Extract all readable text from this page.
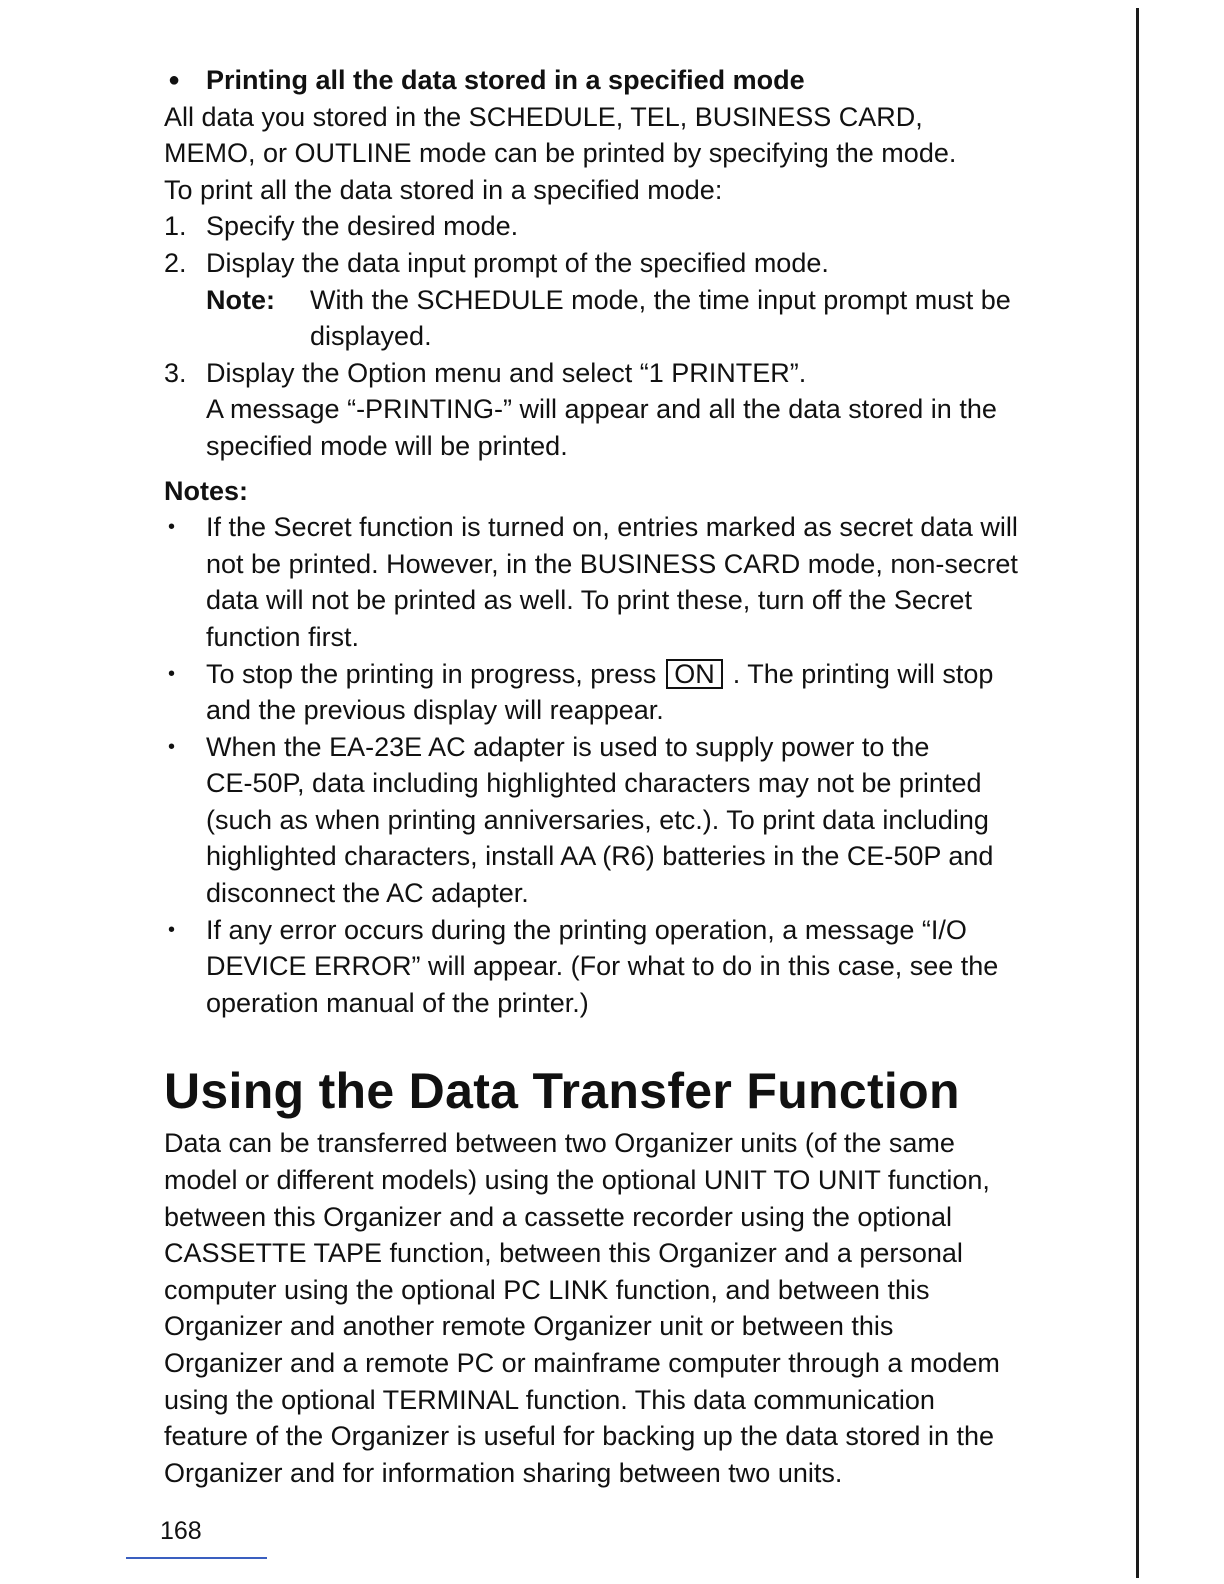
● Printing all the data stored in a specified mode

All data you stored in the SCHEDULE, TEL, BUSINESS CARD,

MEMO, or OUTLINE mode can be printed by specifying the mode.

To print all the data stored in a specified mode:

1. Specify the desired mode.
2. Display the data input prompt of the specified mode.
Note:	With the SCHEDULE mode, the time input prompt must be
displayed.
3. Display the Option menu and select “1 PRINTER”.
A message “-PRINTING-” will appear and all the data stored in the
specified mode will be printed.
Notes:
•	If the Secret function is turned on, entries marked as secret data will
not be printed. However, in the BUSINESS CARD mode, non-secret
data will not be printed as well. To print these, turn off the Secret
function first.
•	To stop the printing in progress, press ON . The printing will stop
and the previous display will reappear.
•	When the EA-23E AC adapter is used to supply power to the
CE-50P, data including highlighted characters may not be printed
(such as when printing anniversaries, etc.). To print data including
highlighted characters, install AA (R6) batteries in the CE-50P and
disconnect the AC adapter.
•	If any error occurs during the printing operation, a message “I/O
DEVICE ERROR” will appear. (For what to do in this case, see the
operation manual of the printer.)
Using the Data Transfer Function
Data can be transferred between two Organizer units (of the same
model or different models) using the optional UNIT TO UNIT function,
between this Organizer and a cassette recorder using the optional
CASSETTE TAPE function, between this Organizer and a personal
computer using the optional PC LINK function, and between this
Organizer and another remote Organizer unit or between this
Organizer and a remote PC or mainframe computer through a modem
using the optional TERMINAL function. This data communication
feature of the Organizer is useful for backing up the data stored in the
Organizer and for information sharing between two units.
168
